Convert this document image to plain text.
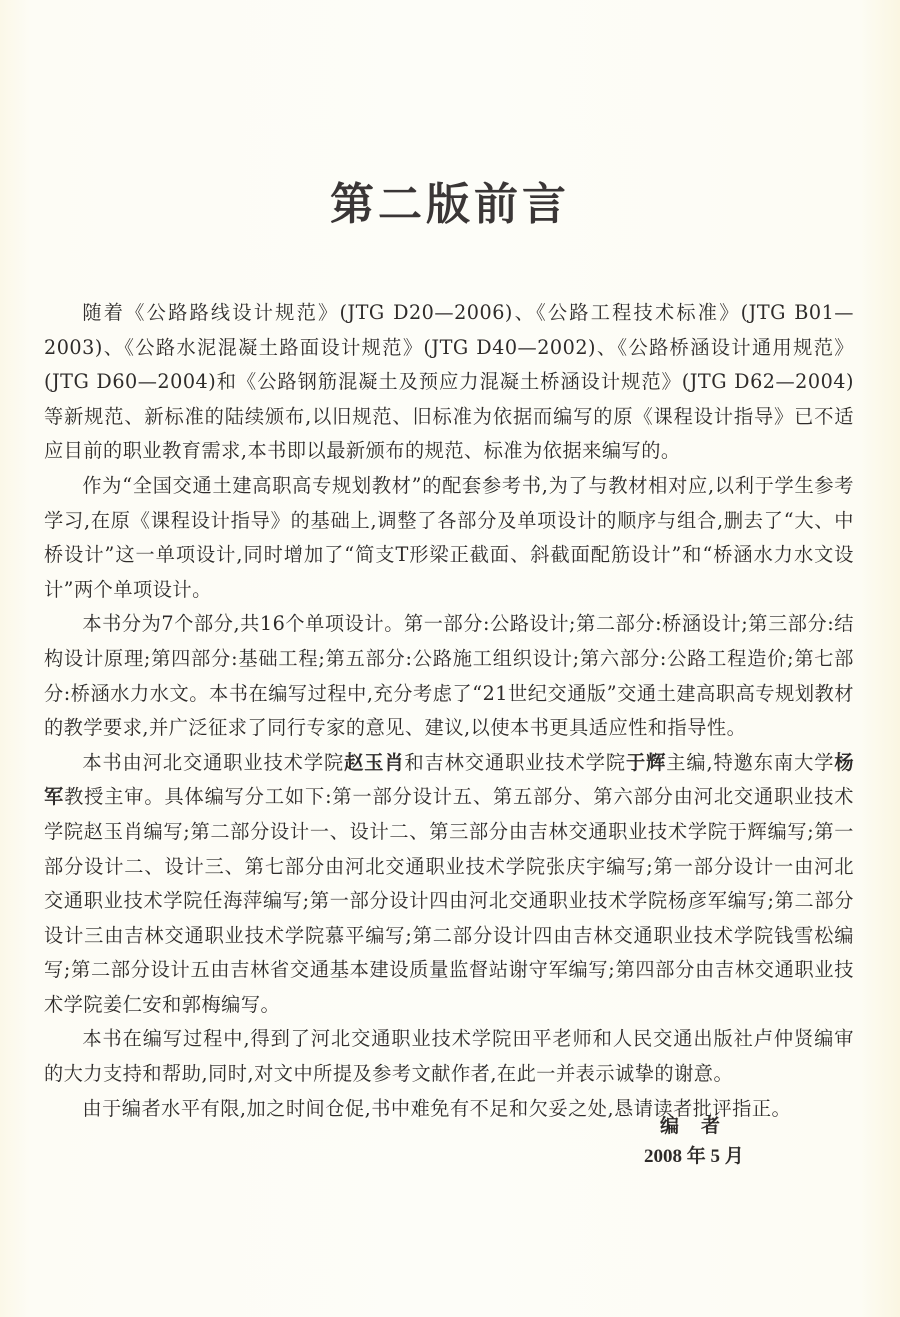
第二版前言

随着《公路路线设计规范》(JTG D20—2006)、《公路工程技术标准》(JTG B01—2003)、《公路水泥混凝土路面设计规范》(JTG D40—2002)、《公路桥涵设计通用规范》(JTG D60—2004)和《公路钢筋混凝土及预应力混凝土桥涵设计规范》(JTG D62—2004)等新规范、新标准的陆续颁布,以旧规范、旧标准为依据而编写的原《课程设计指导》已不适应目前的职业教育需求,本书即以最新颁布的规范、标准为依据来编写的。

作为“全国交通土建高职高专规划教材”的配套参考书,为了与教材相对应,以利于学生参考学习,在原《课程设计指导》的基础上,调整了各部分及单项设计的顺序与组合,删去了“大、中桥设计”这一单项设计,同时增加了“简支T形梁正截面、斜截面配筋设计”和“桥涵水力水文设计”两个单项设计。

本书分为7个部分,共16个单项设计。第一部分:公路设计;第二部分:桥涵设计;第三部分:结构设计原理;第四部分:基础工程;第五部分:公路施工组织设计;第六部分:公路工程造价;第七部分:桥涵水力水文。本书在编写过程中,充分考虑了“21世纪交通版”交通土建高职高专规划教材的教学要求,并广泛征求了同行专家的意见、建议,以使本书更具适应性和指导性。

本书由河北交通职业技术学院赵玉肖和吉林交通职业技术学院于辉主编,特邀东南大学杨军教授主审。具体编写分工如下:第一部分设计五、第五部分、第六部分由河北交通职业技术学院赵玉肖编写;第二部分设计一、设计二、第三部分由吉林交通职业技术学院于辉编写;第一部分设计二、设计三、第七部分由河北交通职业技术学院张庆宇编写;第一部分设计一由河北交通职业技术学院任海萍编写;第一部分设计四由河北交通职业技术学院杨彦军编写;第二部分设计三由吉林交通职业技术学院慕平编写;第二部分设计四由吉林交通职业技术学院钱雪松编写;第二部分设计五由吉林省交通基本建设质量监督站谢守军编写;第四部分由吉林交通职业技术学院姜仁安和郭梅编写。

本书在编写过程中,得到了河北交通职业技术学院田平老师和人民交通出版社卢仲贤编审的大力支持和帮助,同时,对文中所提及参考文献作者,在此一并表示诚挚的谢意。

由于编者水平有限,加之时间仓促,书中难免有不足和欠妥之处,恳请读者批评指正。

编者
2008 年 5 月
